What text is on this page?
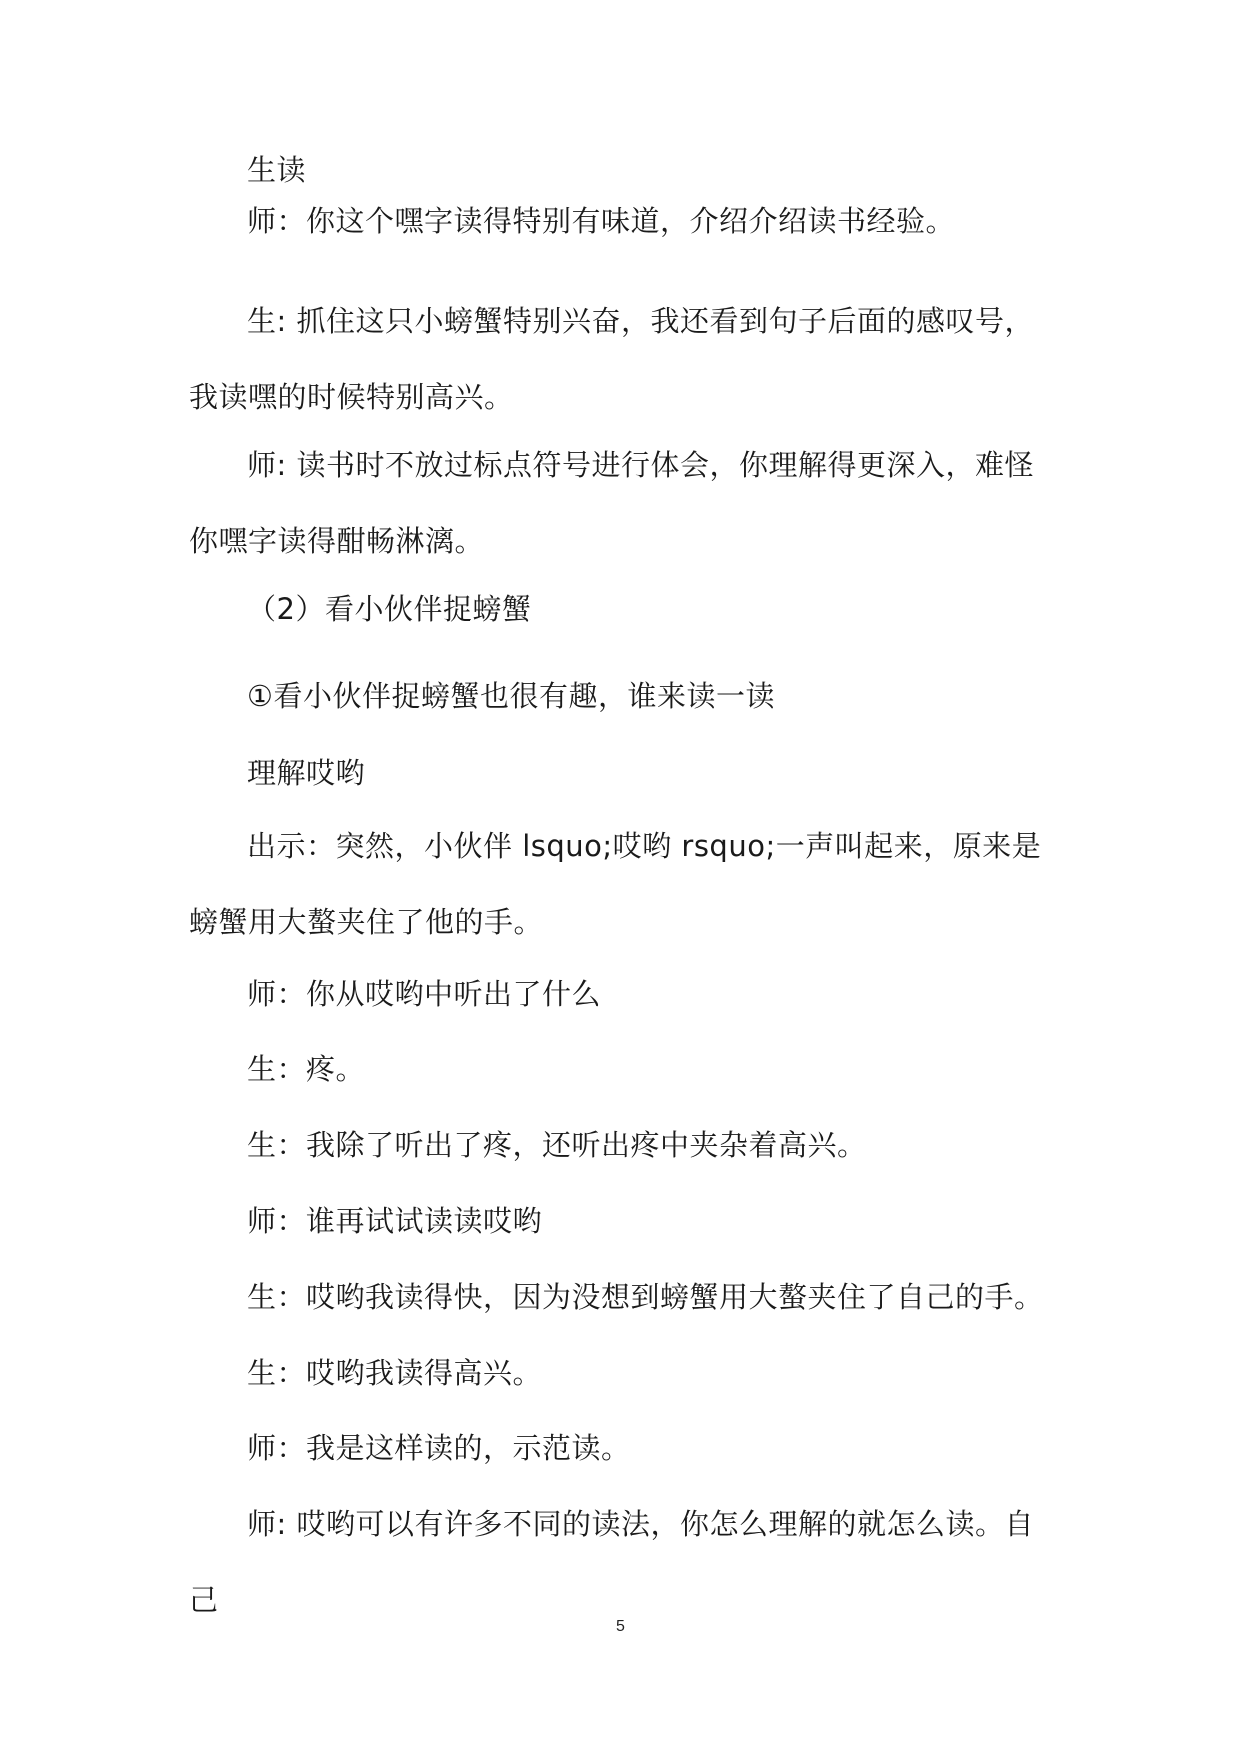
生读

师：你这个嘿字读得特别有味道，介绍介绍读书经验。

生: 抓住这只小螃蟹特别兴奋，我还看到句子后面的感叹号，我读嘿的时候特别高兴。

师: 读书时不放过标点符号进行体会，你理解得更深入，难怪你嘿字读得酣畅淋漓。

（2）看小伙伴捉螃蟹

①看小伙伴捉螃蟹也很有趣，谁来读一读

理解哎哟

出示：突然，小伙伴 lsquo;哎哟 rsquo;一声叫起来，原来是螃蟹用大螯夹住了他的手。

师：你从哎哟中听出了什么

生：疼。

生：我除了听出了疼，还听出疼中夹杂着高兴。

师：谁再试试读读哎哟

生：哎哟我读得快，因为没想到螃蟹用大螯夹住了自己的手。

生：哎哟我读得高兴。

师：我是这样读的，示范读。

师: 哎哟可以有许多不同的读法，你怎么理解的就怎么读。自己

5
